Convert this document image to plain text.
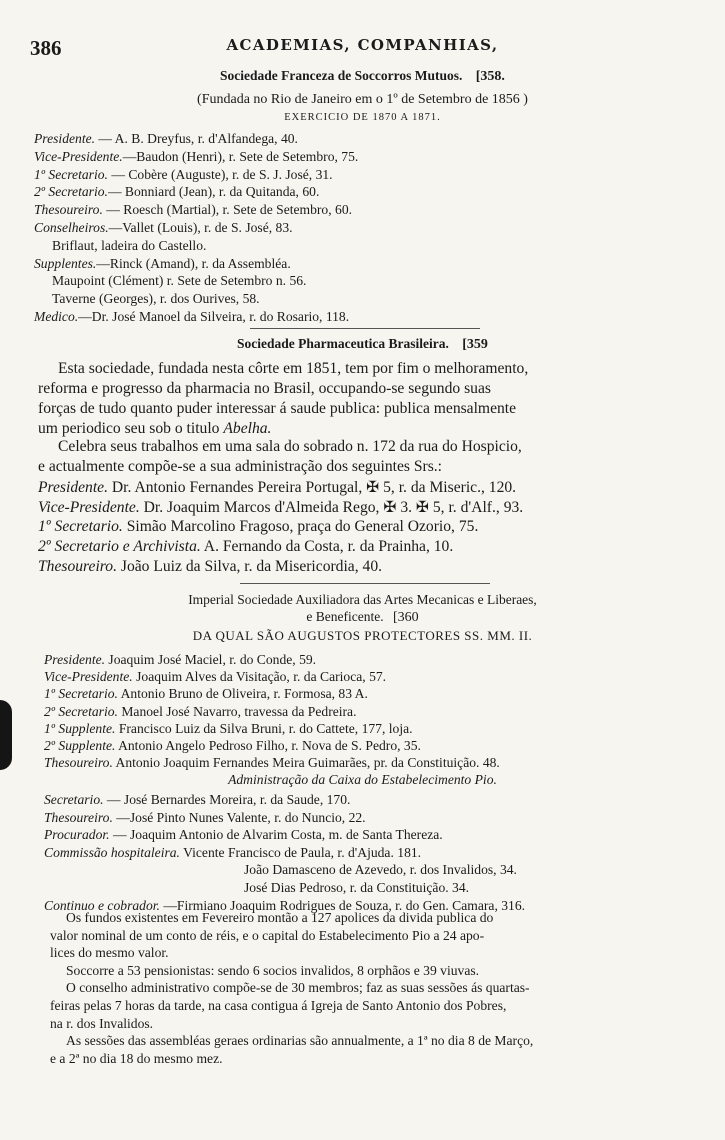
386	ACADEMIAS, COMPANHIAS,
Sociedade Franceza de Soccorros Mutuos. [358.
(Fundada no Rio de Janeiro em o 1º de Setembro de 1856 )
EXERCICIO DE 1870 A 1871.
Presidente. — A. B. Dreyfus, r. d'Alfandega, 40.
Vice-Presidente.—Baudon (Henri), r. Sete de Setembro, 75.
1º Secretario. — Cobère (Auguste), r. de S. J. José, 31.
2º Secretario.— Bonniard (Jean), r. da Quitanda, 60.
Thesoureiro. — Roesch (Martial), r. Sete de Setembro, 60.
Conselheiros.—Vallet (Louis), r. de S. José, 83.
Briflaut, ladeira do Castello.
Supplentes.—Rinck (Amand), r. da Assembléa.
Maupoint (Clément) r. Sete de Setembro n. 56.
Taverne (Georges), r. dos Ourives, 58.
Medico.—Dr. José Manoel da Silveira, r. do Rosario, 118.
Sociedade Pharmaceutica Brasileira. [359
Esta sociedade, fundada nesta côrte em 1851, tem por fim o melhoramento,
reforma e progresso da pharmacia no Brasil, occupando-se segundo suas
forças de tudo quanto puder interessar á saude publica: publica mensalmente
um periodico seu sob o titulo Abelha.
Celebra seus trabalhos em uma sala do sobrado n. 172 da rua do Hospicio,
e actualmente compõe-se a sua administração dos seguintes Srs.:
Presidente. Dr. Antonio Fernandes Pereira Portugal, ✠ 5, r. da Miseric., 120.
Vice-Presidente. Dr. Joaquim Marcos d'Almeida Rego, ✠ 3. ✠ 5, r. d'Alf., 93.
1º Secretario. Simão Marcolino Fragoso, praça do General Ozorio, 75.
2º Secretario e Archivista. A. Fernando da Costa, r. da Prainha, 10.
Thesoureiro. João Luiz da Silva, r. da Misericordia, 40.
Imperial Sociedade Auxiliadora das Artes Mecanicas e Liberaes,
e Beneficente. [360
DA QUAL SÃO AUGUSTOS PROTECTORES SS. MM. II.
Presidente. Joaquim José Maciel, r. do Conde, 59.
Vice-Presidente. Joaquim Alves da Visitação, r. da Carioca, 57.
1º Secretario. Antonio Bruno de Oliveira, r. Formosa, 83 A.
2º Secretario. Manoel José Navarro, travessa da Pedreira.
1º Supplente. Francisco Luiz da Silva Bruni, r. do Cattete, 177, loja.
2º Supplente. Antonio Angelo Pedroso Filho, r. Nova de S. Pedro, 35.
Thesoureiro. Antonio Joaquim Fernandes Meira Guimarães, pr. da Constituição. 48.
Administração da Caixa do Estabelecimento Pio.
Secretario. — José Bernardes Moreira, r. da Saude, 170.
Thesoureiro. —José Pinto Nunes Valente, r. do Nuncio, 22.
Procurador. — Joaquim Antonio de Alvarim Costa, m. de Santa Thereza.
Commissão hospitaleira. Vicente Francisco de Paula, r. d'Ajuda. 181.
João Damasceno de Azevedo, r. dos Invalidos, 34.
José Dias Pedroso, r. da Constituição. 34.
Continuo e cobrador. —Firmiano Joaquim Rodrigues de Souza, r. do Gen. Camara, 316.
Os fundos existentes em Fevereiro montão a 127 apolices da divida publica do
valor nominal de um conto de réis, e o capital do Estabelecimento Pio a 24 apo-
lices do mesmo valor.
Soccorre a 53 pensionistas: sendo 6 socios invalidos, 8 orphãos e 39 viuvas.
O conselho administrativo compõe-se de 30 membros; faz as suas sessões ás quartas-
feiras pelas 7 horas da tarde, na casa contigua á Igreja de Santo Antonio dos Pobres,
na r. dos Invalidos.
As sessões das assembléas geraes ordinarias são annualmente, a 1ª no dia 8 de Março,
e a 2ª no dia 18 do mesmo mez.
